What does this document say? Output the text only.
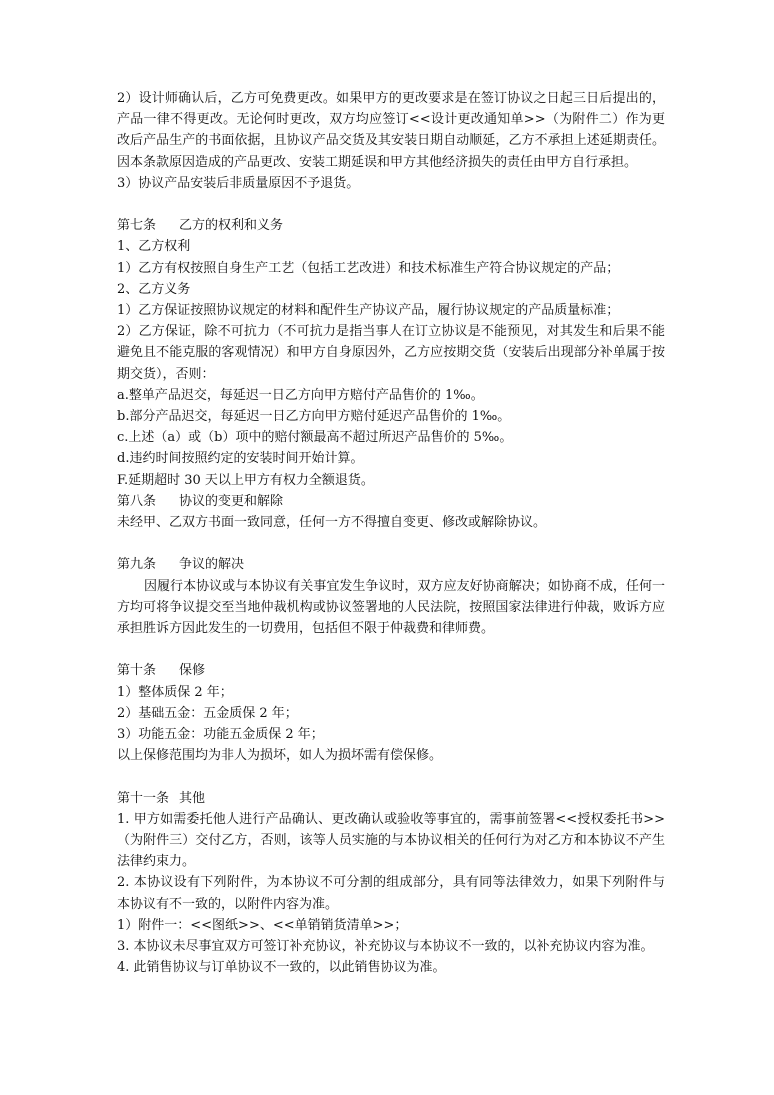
2）设计师确认后，乙方可免费更改。如果甲方的更改要求是在签订协议之日起三日后提出的，产品一律不得更改。无论何时更改，双方均应签订<<设计更改通知单>>（为附件二）作为更改后产品生产的书面依据，且协议产品交货及其安装日期自动顺延，乙方不承担上述延期责任。因本条款原因造成的产品更改、安装工期延误和甲方其他经济损失的责任由甲方自行承担。
3）协议产品安装后非质量原因不予退货。
第七条 乙方的权利和义务
1、乙方权利
1）乙方有权按照自身生产工艺（包括工艺改进）和技术标准生产符合协议规定的产品；
2、乙方义务
1）乙方保证按照协议规定的材料和配件生产协议产品，履行协议规定的产品质量标准；
2）乙方保证，除不可抗力（不可抗力是指当事人在订立协议是不能预见，对其发生和后果不能避免且不能克服的客观情况）和甲方自身原因外，乙方应按期交货（安装后出现部分补单属于按期交货），否则：
a.整单产品迟交，每延迟一日乙方向甲方赔付产品售价的 1‰。
b.部分产品迟交，每延迟一日乙方向甲方赔付延迟产品售价的 1‰。
c.上述（a）或（b）项中的赔付额最高不超过所迟产品售价的 5‰。
d.违约时间按照约定的安装时间开始计算。
F.延期超时 30 天以上甲方有权力全额退货。
第八条 协议的变更和解除
未经甲、乙双方书面一致同意，任何一方不得擅自变更、修改或解除协议。
第九条 争议的解决
因履行本协议或与本协议有关事宜发生争议时，双方应友好协商解决；如协商不成，任何一方均可将争议提交至当地仲裁机构或协议签署地的人民法院，按照国家法律进行仲裁，败诉方应承担胜诉方因此发生的一切费用，包括但不限于仲裁费和律师费。
第十条 保修
1）整体质保 2 年；
2）基础五金：五金质保 2 年；
3）功能五金：功能五金质保 2 年；
以上保修范围均为非人为损坏，如人为损坏需有偿保修。
第十一条 其他
1. 甲方如需委托他人进行产品确认、更改确认或验收等事宜的，需事前签署<<授权委托书>>（为附件三）交付乙方，否则，该等人员实施的与本协议相关的任何行为对乙方和本协议不产生法律约束力。
2. 本协议设有下列附件，为本协议不可分割的组成部分，具有同等法律效力，如果下列附件与本协议有不一致的，以附件内容为准。
1）附件一：<<图纸>>、<<单销销货清单>>；
3. 本协议未尽事宜双方可签订补充协议，补充协议与本协议不一致的，以补充协议内容为准。
4. 此销售协议与订单协议不一致的，以此销售协议为准。
